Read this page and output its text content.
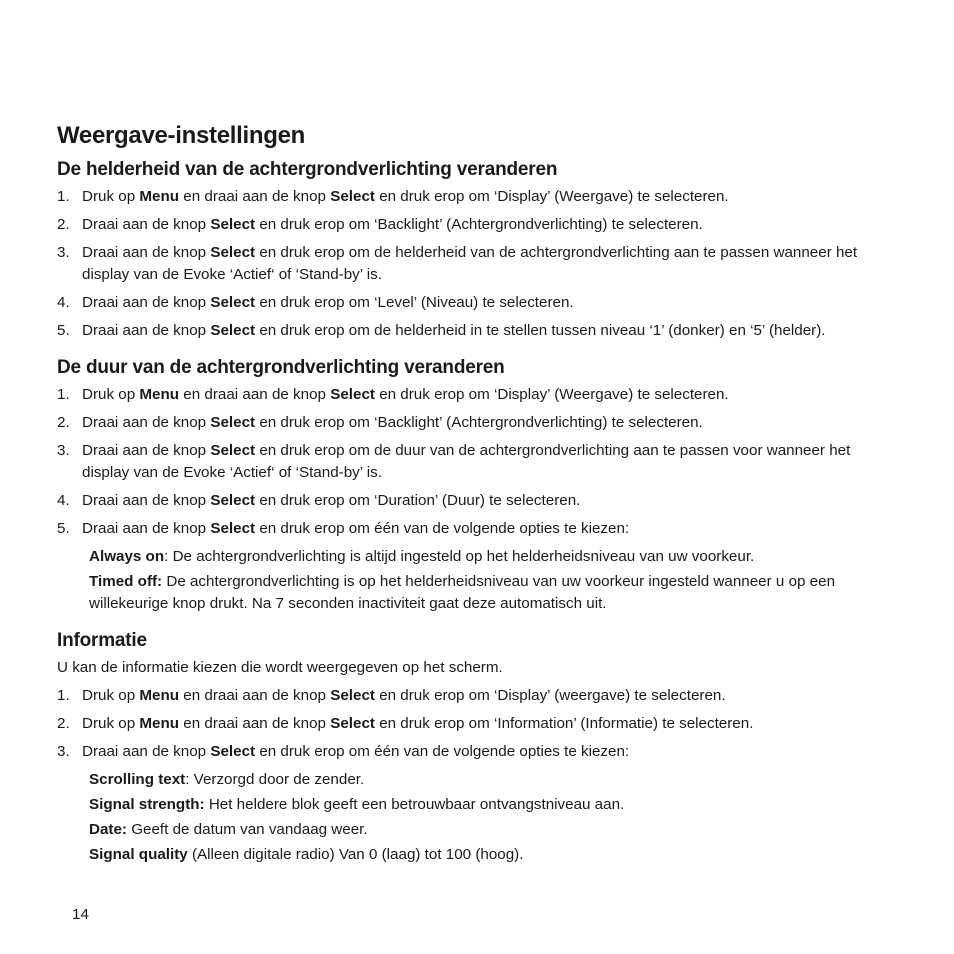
Weergave-instellingen
De helderheid van de achtergrondverlichting veranderen
1. Druk op Menu en draai aan de knop Select en druk erop om ‘Display’ (Weergave) te selecteren.
2. Draai aan de knop Select en druk erop om ‘Backlight’ (Achtergrondverlichting) te selecteren.
3. Draai aan de knop Select en druk erop om de helderheid van de achtergrondverlichting aan te passen wanneer het display van de Evoke ‘Actief‘ of ‘Stand-by’ is.
4. Draai aan de knop Select en druk erop om ‘Level’ (Niveau) te selecteren.
5. Draai aan de knop Select en druk erop om de helderheid in te stellen tussen niveau ‘1’ (donker) en ‘5’ (helder).
De duur van de achtergrondverlichting veranderen
1. Druk op Menu en draai aan de knop Select en druk erop om ‘Display’ (Weergave) te selecteren.
2. Draai aan de knop Select en druk erop om ‘Backlight’ (Achtergrondverlichting) te selecteren.
3. Draai aan de knop Select en druk erop om de duur van de achtergrondverlichting aan te passen voor wanneer het display van de Evoke ‘Actief‘ of ‘Stand-by’ is.
4. Draai aan de knop Select en druk erop om ‘Duration’ (Duur) te selecteren.
5. Draai aan de knop Select en druk erop om één van de volgende opties te kiezen:

Always on: De achtergrondverlichting is altijd ingesteld op het helderheidsniveau van uw voorkeur.

Timed off: De achtergrondverlichting is op het helderheidsniveau van uw voorkeur ingesteld wanneer u op een willekeurige knop drukt. Na 7 seconden inactiviteit gaat deze automatisch uit.

Informatie

U kan de informatie kiezen die wordt weergegeven op het scherm.

1. Druk op Menu en draai aan de knop Select en druk erop om ‘Display’ (weergave) te selecteren.
2. Druk op Menu en draai aan de knop Select en druk erop om ‘Information’ (Informatie) te selecteren.
3. Draai aan de knop Select en druk erop om één van de volgende opties te kiezen:

Scrolling text: Verzorgd door de zender.

Signal strength: Het heldere blok geeft een betrouwbaar ontvangstniveau aan.

Date: Geeft de datum van vandaag weer.

Signal quality (Alleen digitale radio) Van 0 (laag) tot 100 (hoog).

14
